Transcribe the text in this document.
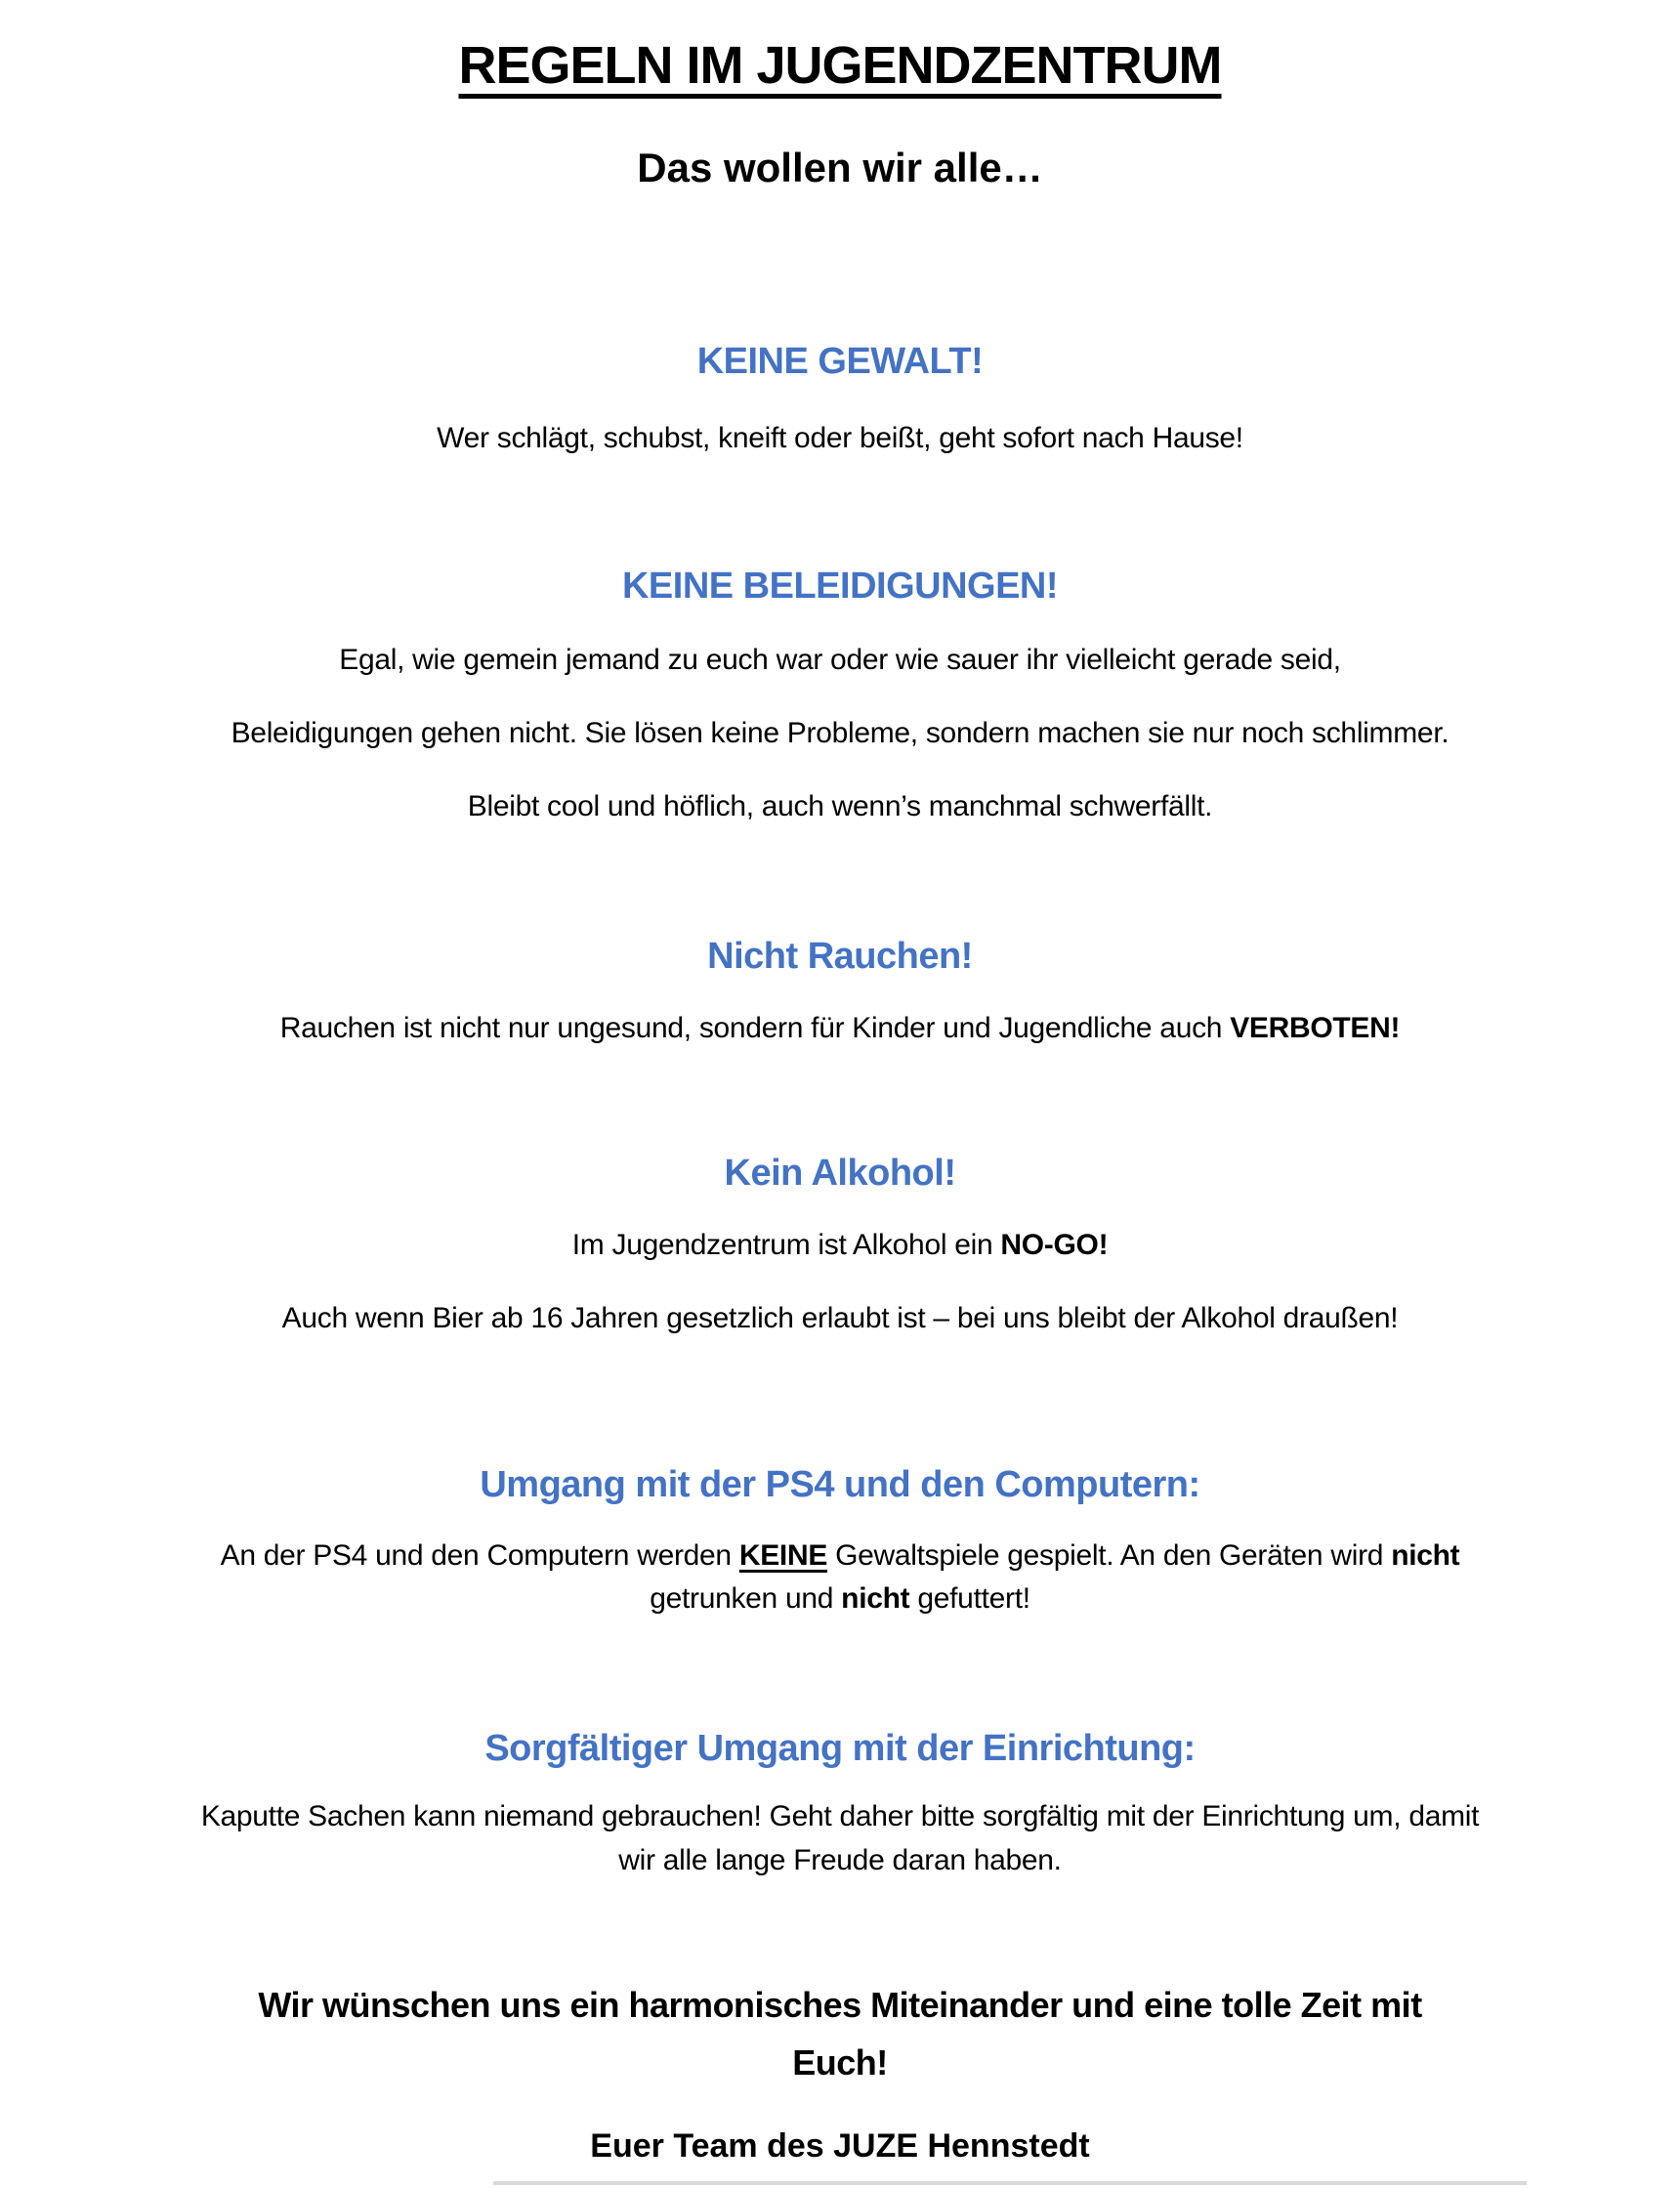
REGELN IM JUGENDZENTRUM
Das wollen wir alle…
KEINE GEWALT!
Wer schlägt, schubst, kneift oder beißt, geht sofort nach Hause!
KEINE BELEIDIGUNGEN!
Egal, wie gemein jemand zu euch war oder wie sauer ihr vielleicht gerade seid,
Beleidigungen gehen nicht. Sie lösen keine Probleme, sondern machen sie nur noch schlimmer.
Bleibt cool und höflich, auch wenn’s manchmal schwerfällt.
Nicht Rauchen!
Rauchen ist nicht nur ungesund, sondern für Kinder und Jugendliche auch VERBOTEN!
Kein Alkohol!
Im Jugendzentrum ist Alkohol ein NO-GO!
Auch wenn Bier ab 16 Jahren gesetzlich erlaubt ist – bei uns bleibt der Alkohol draußen!
Umgang mit der PS4 und den Computern:
An der PS4 und den Computern werden KEINE Gewaltspiele gespielt. An den Geräten wird nicht
getrunken und nicht gefuttert!
Sorgfältiger Umgang mit der Einrichtung:
Kaputte Sachen kann niemand gebrauchen! Geht daher bitte sorgfältig mit der Einrichtung um, damit
wir alle lange Freude daran haben.
Wir wünschen uns ein harmonisches Miteinander und eine tolle Zeit mit
Euch!
Euer Team des JUZE Hennstedt
